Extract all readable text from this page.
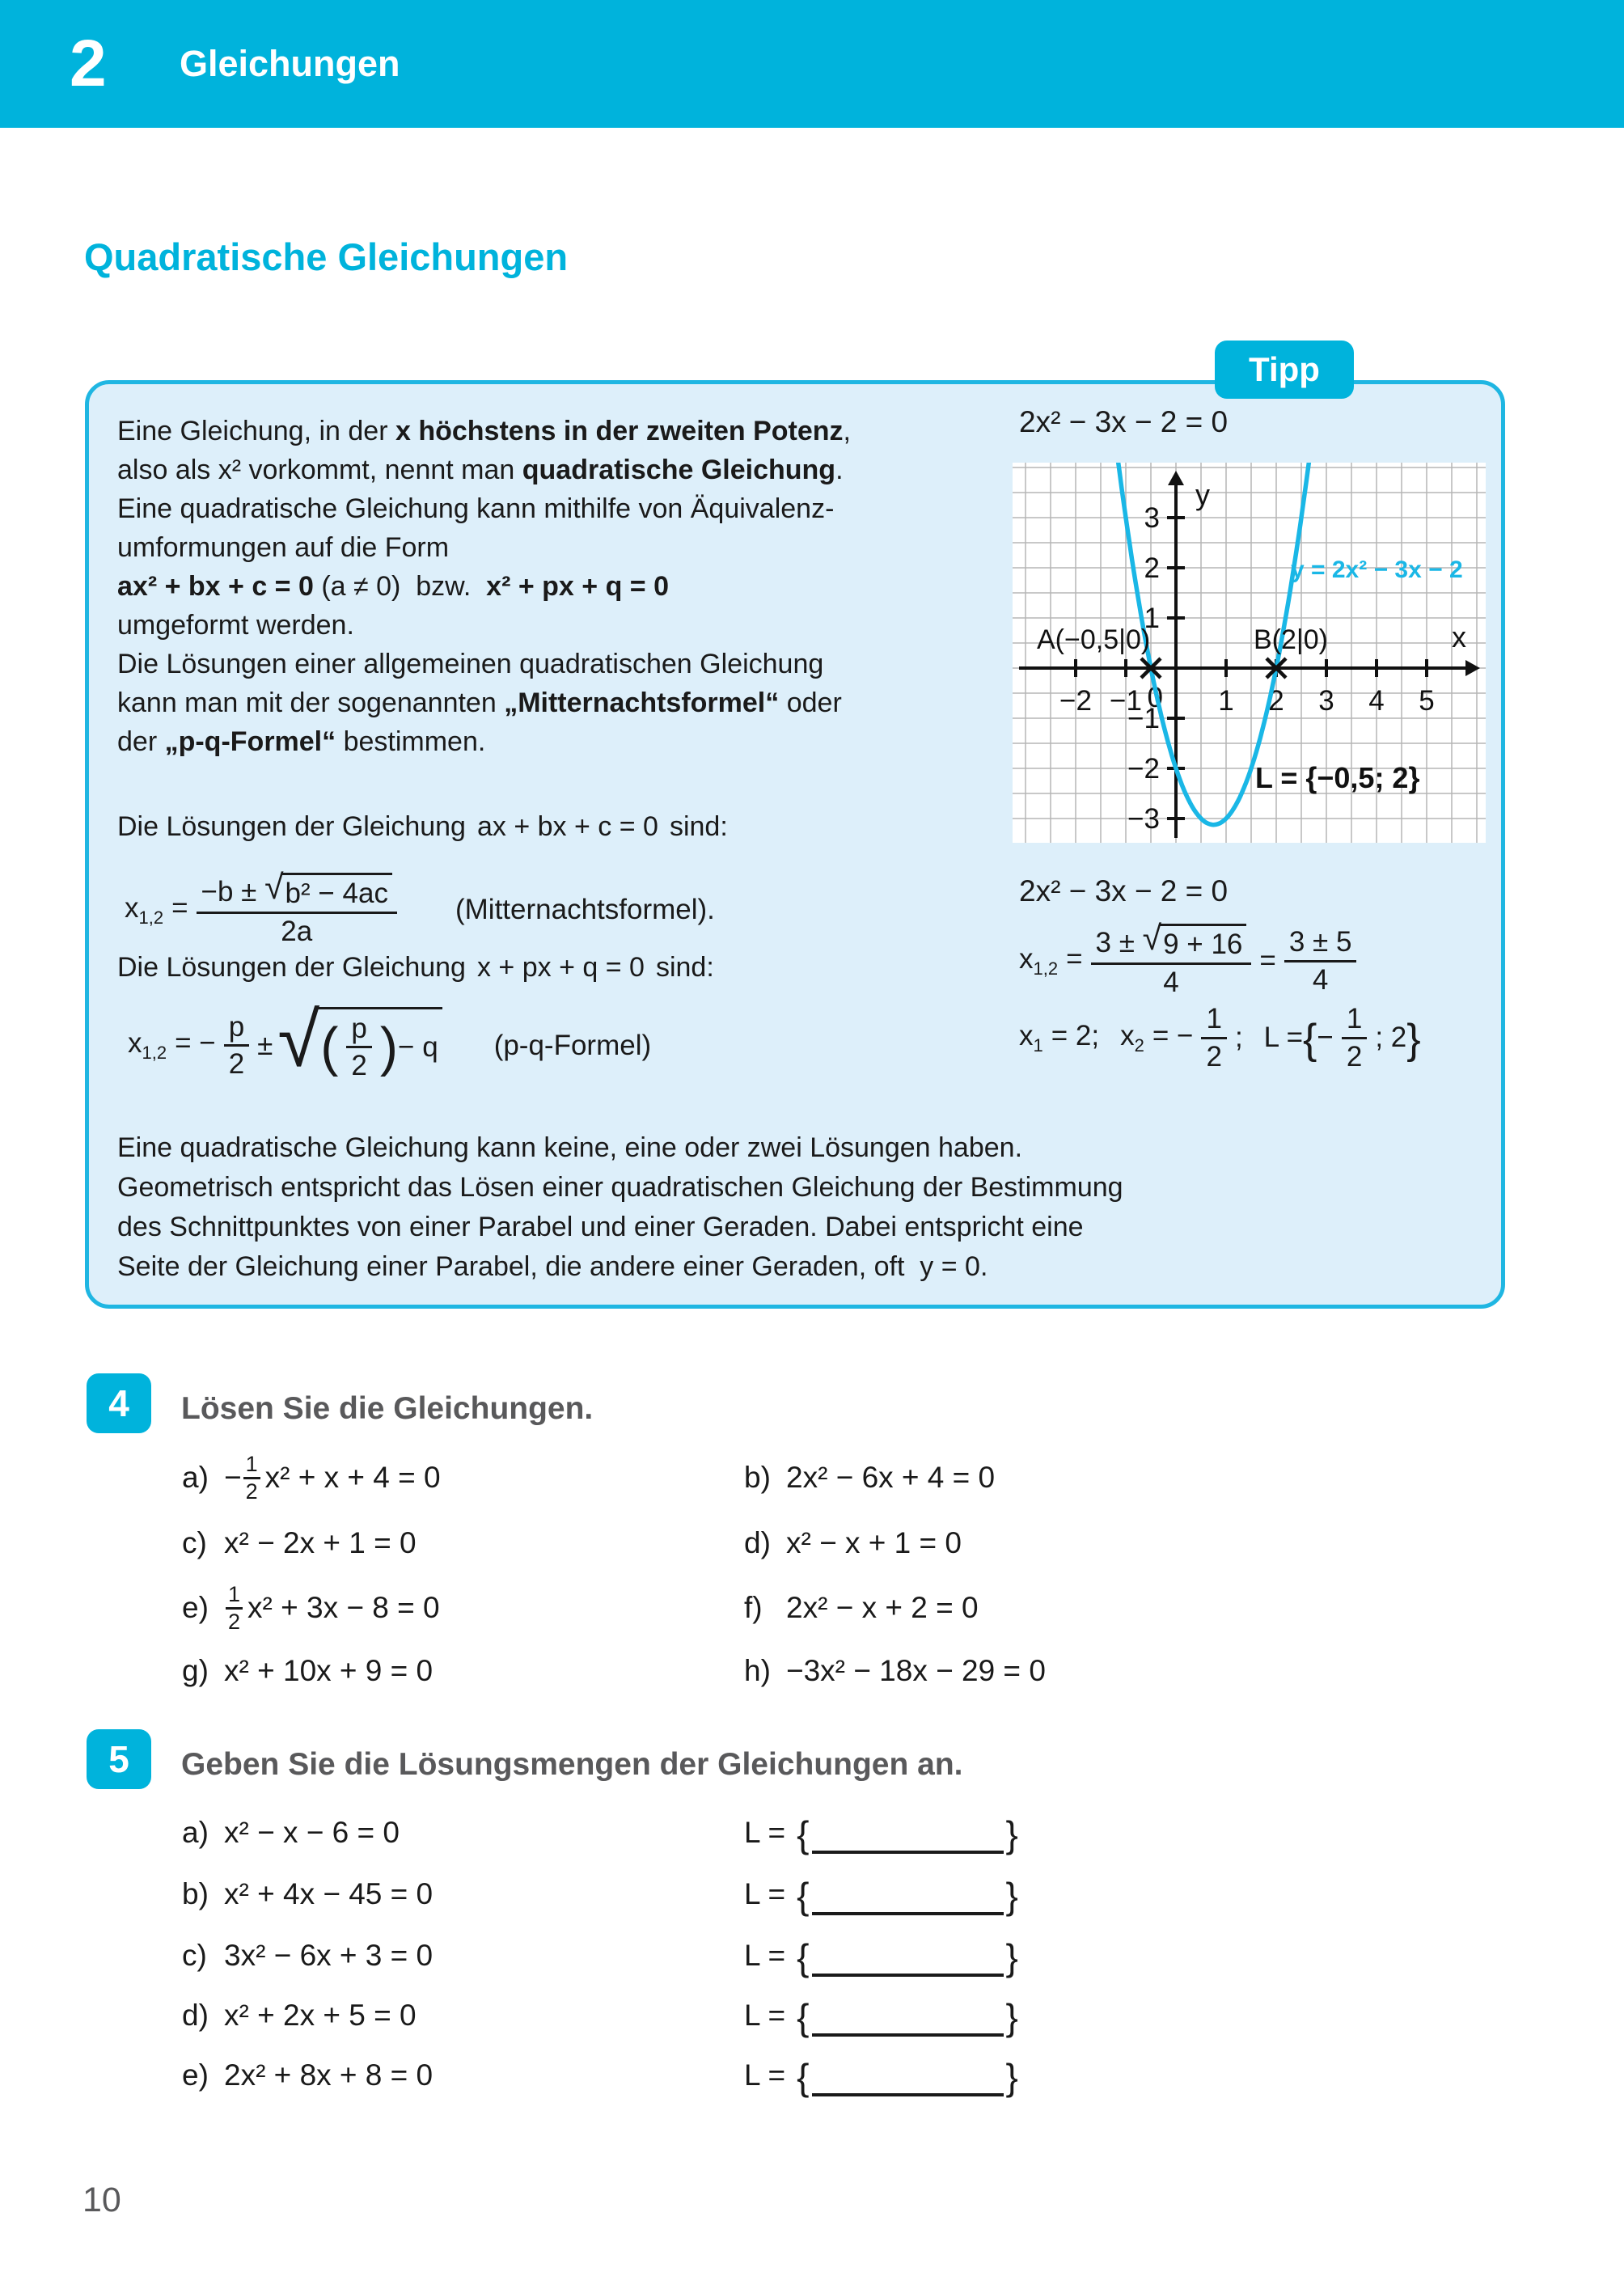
2 Gleichungen
Quadratische Gleichungen
Tipp
Eine Gleichung, in der x höchstens in der zweiten Potenz,
also als x² vorkommt, nennt man quadratische Gleichung.
Eine quadratische Gleichung kann mithilfe von Äquivalenz-
umformungen auf die Form
ax² + bx + c = 0 (a ≠ 0)  bzw.  x² + px + q = 0
umgeformt werden.
Die Lösungen einer allgemeinen quadratischen Gleichung
kann man mit der sogenannten „Mitternachtsformel“ oder
der „p-q-Formel“ bestimmen.
Die Lösungen der Gleichung ax + bx + c = 0 sind:
$x_{1,2} = \frac{\text{−b ± √ b² − 4ac}}{2a}$ (Mitternachtsformel).
Die Lösungen der Gleichung x + px + q = 0 sind:
$x_{1,2}$ = − $\frac{p}{2}$ ± √ ( $\frac{p}{2}$ ) − q (p-q-Formel)
Eine quadratische Gleichung kann keine, eine oder zwei Lösungen haben.
Geometrisch entspricht das Lösen einer quadratischen Gleichung der Bestimmung
des Schnittpunktes von einer Parabel und einer Geraden. Dabei entspricht eine
Seite der Gleichung einer Parabel, die andere einer Geraden, oft  y = 0.
2x² − 3x − 2 = 0
−2 −1	1 2 3 4 5
−3
−2
−1
1
2
3
0
x
y
A(−0,5|0)	B(2|0)
y = 2x² − 3x − 2
L = {−0,5; 2}
2x² − 3x − 2 = 0
$x_{1,2} = \frac{3 \pm √ 9 + 16}{4} = \frac{3 \pm 5}{4}$
$x_1 = 2$; $x_2$ = − $\frac{1}{2}$ ; L = { − $\frac{1}{2}$ ; 2 }
4	Lösen Sie die Gleichungen.
5	Geben Sie die Lösungsmengen der Gleichungen an.
$a) - \frac{1}{2} x^2 + x + 4 = 0$	b) 2x² − 6x + 4 = 0
c) x² − 2x + 1 = 0	d) x² − x + 1 = 0
$e) \frac{1}{2} x^2 + 3x - 8 = 0$	f) 2x² − x + 2 = 0
g) x² + 10x + 9 = 0	h) −3x² − 18x − 29 = 0
a) x² − x − 6 = 0	L = {	}
b) x² + 4x − 45 = 0	L = {	}
c) 3x² − 6x + 3 = 0	L = {	}
d) x² + 2x + 5 = 0	L = {	}
e) 2x² + 8x + 8 = 0	L = {	}
10
